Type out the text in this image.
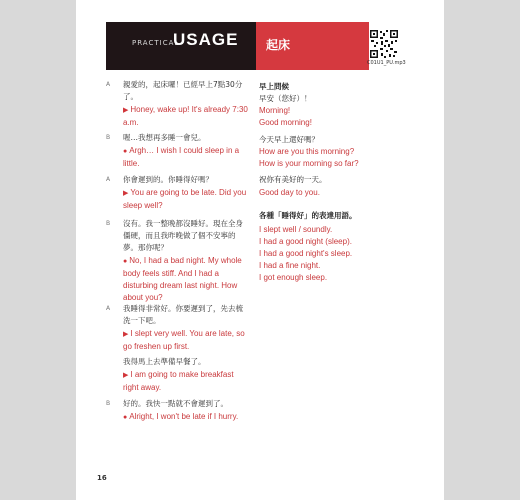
PRACTICAL
USAGE 起床
C01U1_PU.mp3
A 親愛的，起床囉！已經早上7點30分了。
▶ Honey, wake up! It's already 7:30 a.m.
B 喔…我想再多睡一會兒。
● Argh… I wish I could sleep in a little.
A 你會遲到的。你睡得好嗎？
▶ You are going to be late. Did you sleep well?
B 沒有。我一整晚都沒睡好。現在全身僵硬，而且我昨晚做了個不安寧的夢。那你呢？
● No, I had a bad night. My whole body feels stiff. And I had a disturbing dream last night. How about you?
A 我睡得非常好。你要遲到了，先去梳洗一下吧。
▶ I slept very well. You are late, so go freshen up first.
我得馬上去準備早餐了。
▶ I am going to make breakfast right away.
B 好的。我快一點就不會遲到了。
● Alright, I won't be late if I hurry.
早上問候
早安（您好）！
Morning!
Good morning!
今天早上還好嗎？
How are you this morning?
How is your morning so far?
祝你有美好的一天。
Good day to you.
各種「睡得好」的表達用語。
I slept well / soundly.
I had a good night (sleep).
I had a good night's sleep.
I had a fine night.
I got enough sleep.
16
